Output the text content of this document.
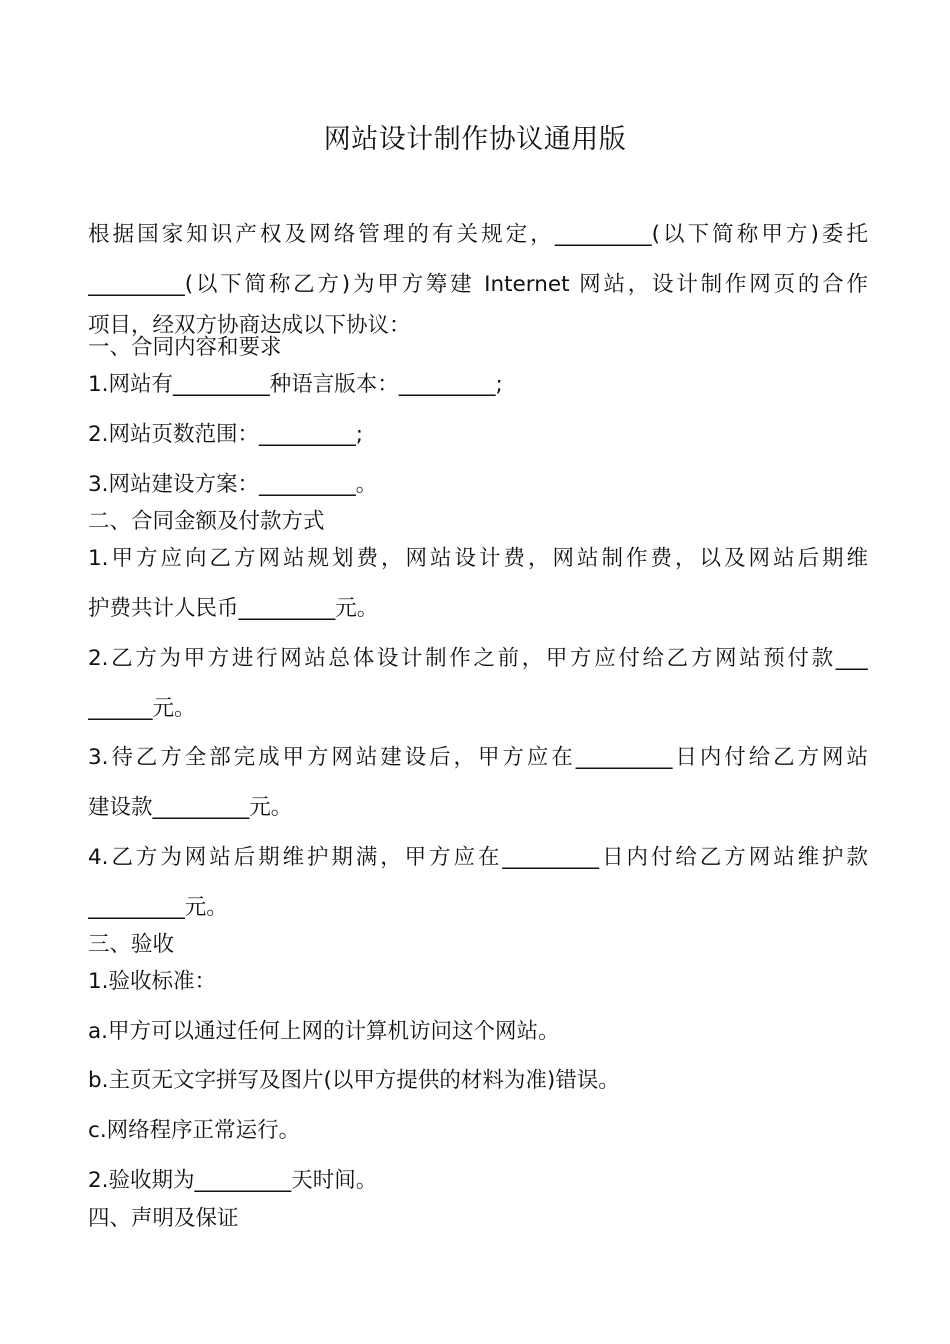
网站设计制作协议通用版
根据国家知识产权及网络管理的有关规定，_________(以下简称甲方)委托
_________(以下简称乙方)为甲方筹建 Internet 网站，设计制作网页的合作
项目，经双方协商达成以下协议：
一、合同内容和要求
1.网站有_________种语言版本：_________;
2.网站页数范围：_________;
3.网站建设方案：_________。
二、合同金额及付款方式
1.甲方应向乙方网站规划费，网站设计费，网站制作费，以及网站后期维
护费共计人民币_________元。
2.乙方为甲方进行网站总体设计制作之前，甲方应付给乙方网站预付款___
______元。
3.待乙方全部完成甲方网站建设后，甲方应在_________日内付给乙方网站
建设款_________元。
4.乙方为网站后期维护期满，甲方应在_________日内付给乙方网站维护款
_________元。
三、验收
1.验收标准：
a.甲方可以通过任何上网的计算机访问这个网站。
b.主页无文字拼写及图片(以甲方提供的材料为准)错误。
c.网络程序正常运行。
2.验收期为_________天时间。
四、声明及保证
